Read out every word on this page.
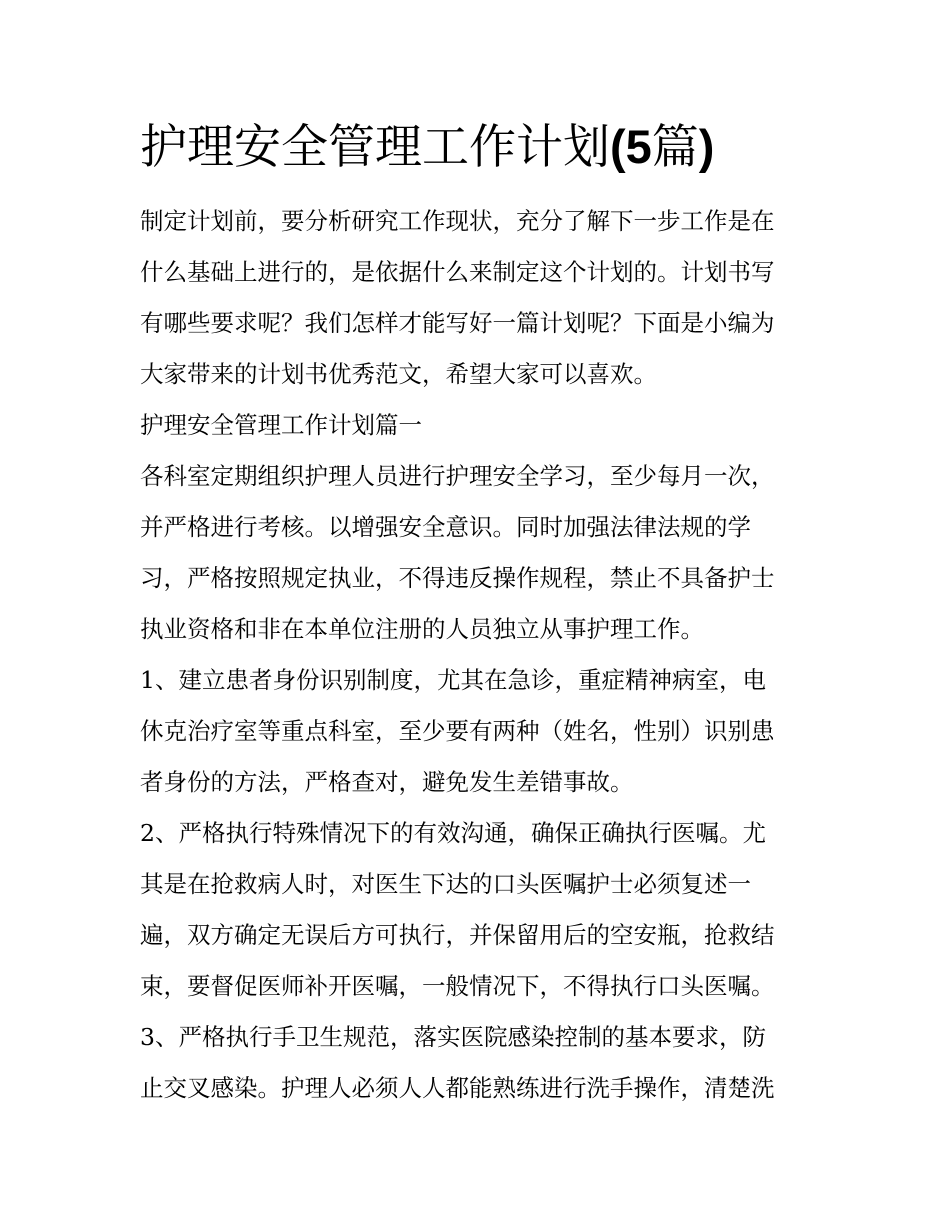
护理安全管理工作计划(5篇)
制定计划前，要分析研究工作现状，充分了解下一步工作是在
什么基础上进行的，是依据什么来制定这个计划的。计划书写
有哪些要求呢？我们怎样才能写好一篇计划呢？下面是小编为
大家带来的计划书优秀范文，希望大家可以喜欢。
护理安全管理工作计划篇一
各科室定期组织护理人员进行护理安全学习，至少每月一次，
并严格进行考核。以增强安全意识。同时加强法律法规的学
习，严格按照规定执业，不得违反操作规程，禁止不具备护士
执业资格和非在本单位注册的人员独立从事护理工作。
1、建立患者身份识别制度，尤其在急诊，重症精神病室，电
休克治疗室等重点科室，至少要有两种（姓名，性别）识别患
者身份的方法，严格查对，避免发生差错事故。
2、严格执行特殊情况下的有效沟通，确保正确执行医嘱。尤
其是在抢救病人时，对医生下达的口头医嘱护士必须复述一
遍，双方确定无误后方可执行，并保留用后的空安瓶，抢救结
束，要督促医师补开医嘱，一般情况下，不得执行口头医嘱。
3、严格执行手卫生规范，落实医院感染控制的基本要求，防
止交叉感染。护理人必须人人都能熟练进行洗手操作，清楚洗
